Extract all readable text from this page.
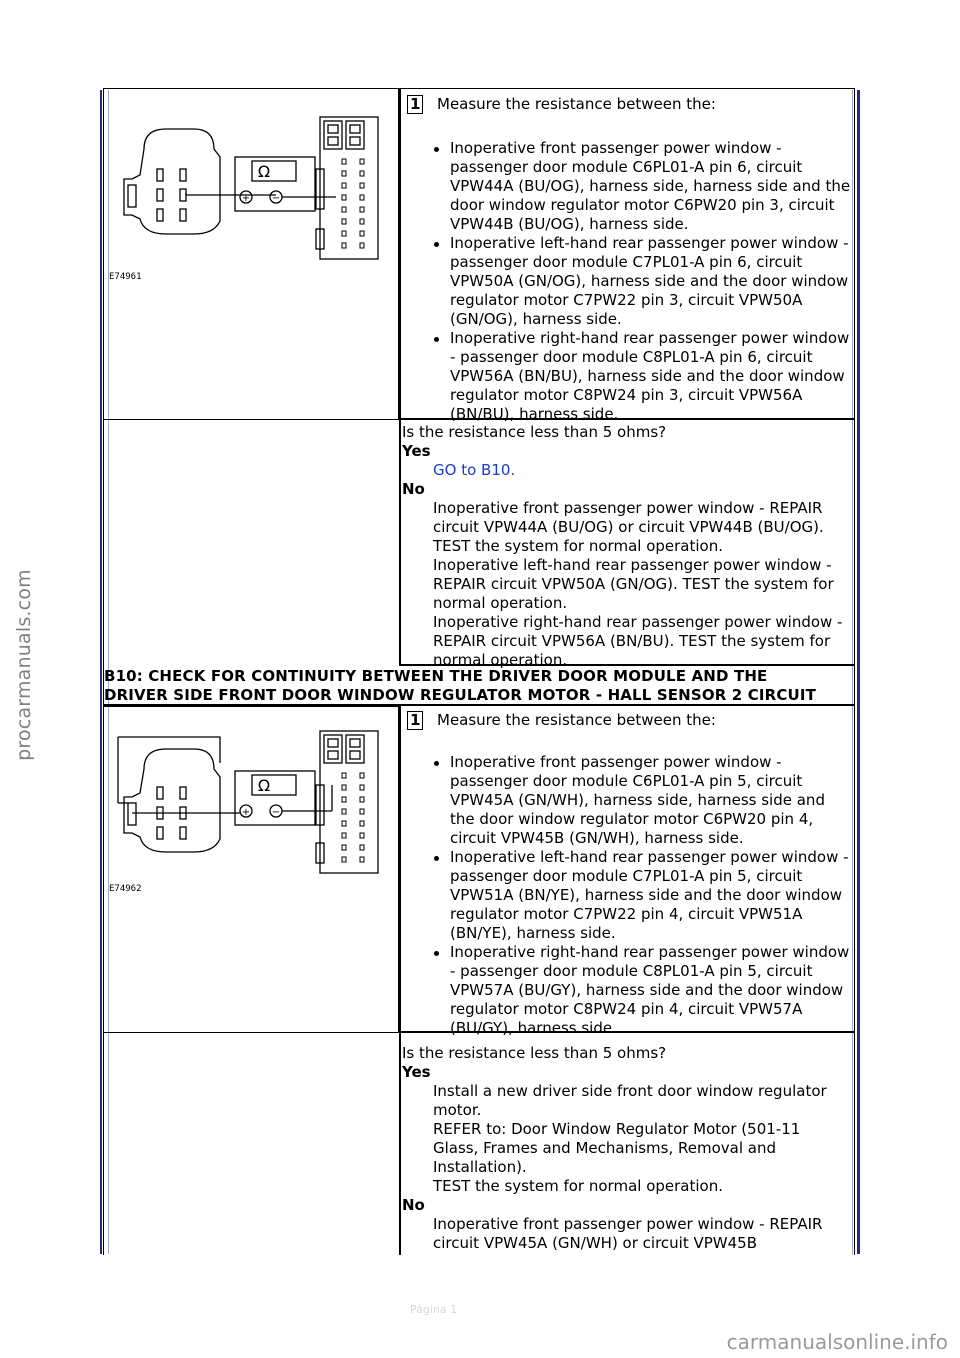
procarmanuals.com
carmanualsonline.info
Página 1
Ω
+ −
E74961
1 Measure the resistance between the:
Inoperative front passenger power window - passenger door module C6PL01-A pin 6, circuit VPW44A (BU/OG), harness side, harness side and the door window regulator motor C6PW20 pin 3, circuit VPW44B (BU/OG), harness side.
Inoperative left-hand rear passenger power window - passenger door module C7PL01-A pin 6, circuit VPW50A (GN/OG), harness side and the door window regulator motor C7PW22 pin 3, circuit VPW50A (GN/OG), harness side.
Inoperative right-hand rear passenger power window - passenger door module C8PL01-A pin 6, circuit VPW56A (BN/BU), harness side and the door window regulator motor C8PW24 pin 3, circuit VPW56A (BN/BU), harness side.
Is the resistance less than 5 ohms?
Yes
GO to B10.
No
Inoperative front passenger power window - REPAIR circuit VPW44A (BU/OG) or circuit VPW44B (BU/OG). TEST the system for normal operation.
Inoperative left-hand rear passenger power window - REPAIR circuit VPW50A (GN/OG). TEST the system for normal operation.
Inoperative right-hand rear passenger power window - REPAIR circuit VPW56A (BN/BU). TEST the system for normal operation.
B10: CHECK FOR CONTINUITY BETWEEN THE DRIVER DOOR MODULE AND THE
DRIVER SIDE FRONT DOOR WINDOW REGULATOR MOTOR - HALL SENSOR 2 CIRCUIT
Ω
+ −
E74962
1 Measure the resistance between the:
Inoperative front passenger power window - passenger door module C6PL01-A pin 5, circuit VPW45A (GN/WH), harness side, harness side and the door window regulator motor C6PW20 pin 4, circuit VPW45B (GN/WH), harness side.
Inoperative left-hand rear passenger power window - passenger door module C7PL01-A pin 5, circuit VPW51A (BN/YE), harness side and the door window regulator motor C7PW22 pin 4, circuit VPW51A (BN/YE), harness side.
Inoperative right-hand rear passenger power window - passenger door module C8PL01-A pin 5, circuit VPW57A (BU/GY), harness side and the door window regulator motor C8PW24 pin 4, circuit VPW57A (BU/GY), harness side.
Is the resistance less than 5 ohms?
Yes
Install a new driver side front door window regulator motor.
REFER to: Door Window Regulator Motor (501-11 Glass, Frames and Mechanisms, Removal and Installation).
TEST the system for normal operation.
No
Inoperative front passenger power window - REPAIR circuit VPW45A (GN/WH) or circuit VPW45B
